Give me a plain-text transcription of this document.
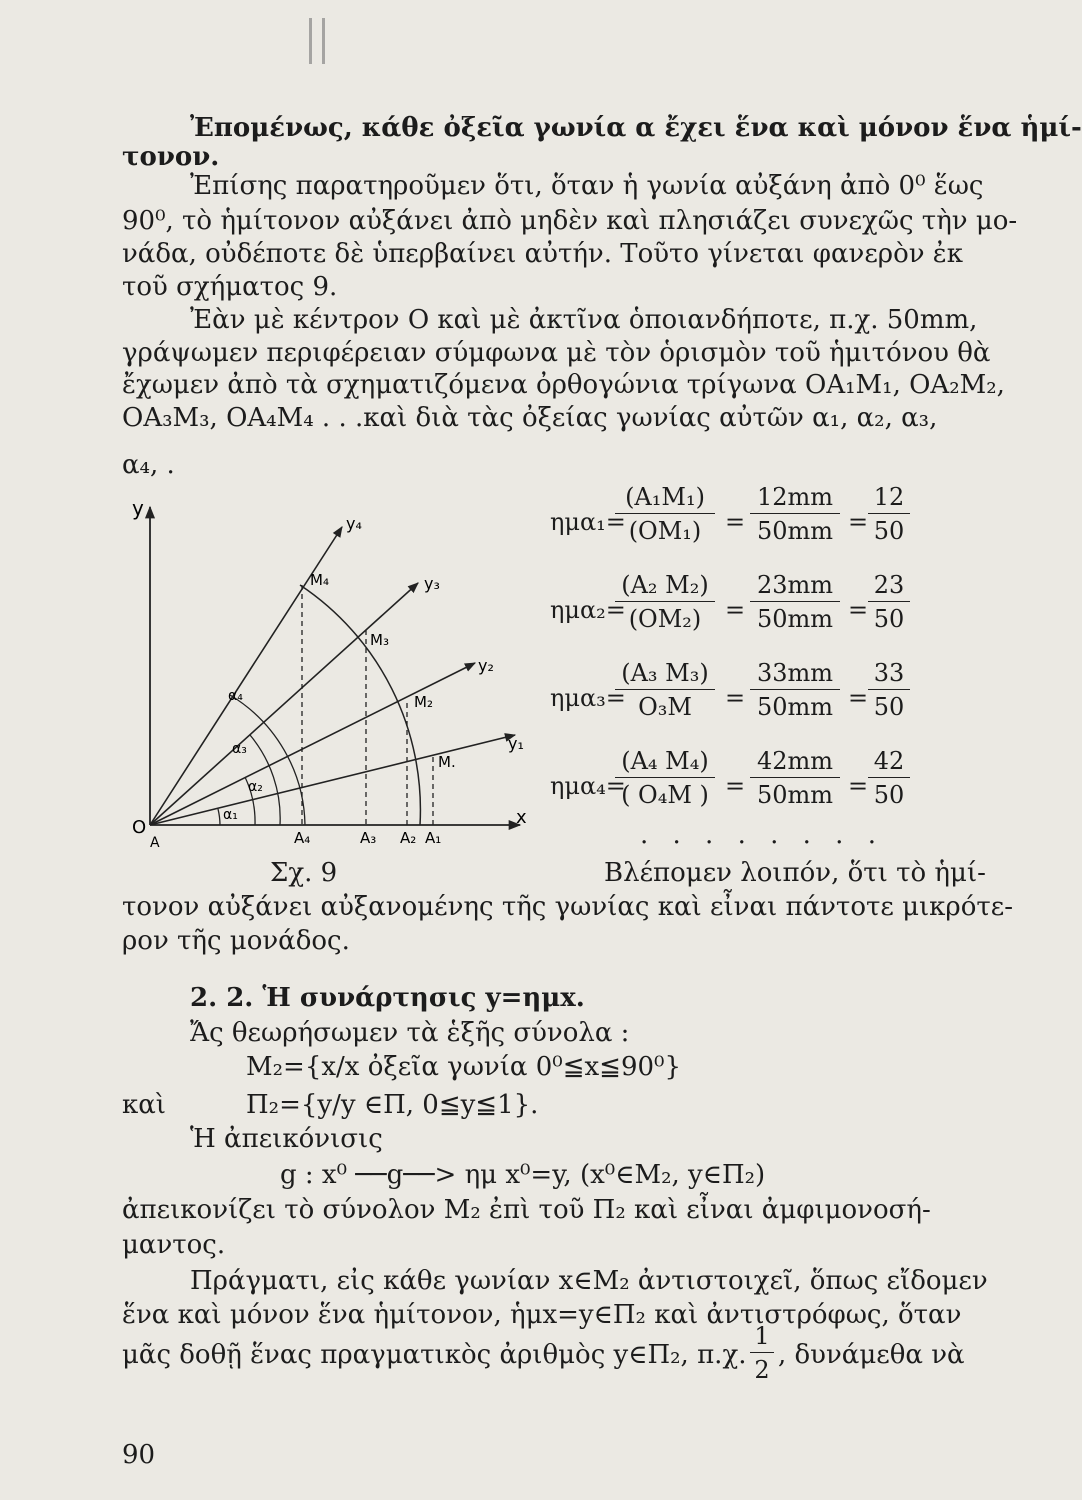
Ἐπομένως, κάθε ὀξεῖα γωνία α ἔχει ἕνα καὶ μόνον ἕνα ἡμί-
τονον.
Ἐπίσης παρατηροῦμεν ὅτι, ὅταν ἡ γωνία αὐξάνη ἀπὸ 0⁰ ἕως
90⁰, τὸ ἡμίτονον αὐξάνει ἀπὸ μηδὲν καὶ πλησιάζει συνεχῶς τὴν μο-
νάδα, οὐδέποτε δὲ ὑπερβαίνει αὐτήν. Τοῦτο γίνεται φανερὸν ἐκ
τοῦ σχήματος 9.
Ἐὰν μὲ κέντρον Ο καὶ μὲ ἀκτῖνα ὁποιανδήποτε, π.χ. 50mm,
γράψωμεν περιφέρειαν σύμφωνα μὲ τὸν ὁρισμὸν τοῦ ἡμιτόνου θὰ
ἔχωμεν ἀπὸ τὰ σχηματιζόμενα ὀρθογώνια τρίγωνα ΟΑ₁Μ₁, ΟΑ₂Μ₂,
ΟΑ₃Μ₃, ΟΑ₄Μ₄ . . .καὶ διὰ τὰς ὀξείας γωνίας αὐτῶν α₁, α₂, α₃,
α₄, .
y
x
O
A
y₁
y₂
y₃
y₄
M.
M₂
M₃
M₄
A₁
A₂
A₃
A₄
α₁
α₂
α₃
α₄
Σχ. 9
ημα₁=
$\frac{\text{(Α₁Μ₁)}}{\text{(ΟΜ₁)}} = \frac{12mm}{50mm} = \frac{12}{50}$
ημα₂=
$\frac{\text{(Α₂ Μ₂)}}{\text{(ΟΜ₂)}} = \frac{23mm}{50mm} = \frac{23}{50}$
ημα₃=
$\frac{\text{(Α₃ Μ₃)}}{\text{Ο₃Μ}} = \frac{33mm}{50mm} = \frac{33}{50}$
ημα₄=
$\frac{\text{(Α₄ Μ₄)}}{\text{( Ο₄Μ )}} = \frac{42mm}{50mm} = \frac{42}{50}$
. . . . . . . .
Βλέπομεν λοιπόν, ὅτι τὸ ἡμί-
τονον αὐξάνει αὐξανομένης τῆς γωνίας καὶ εἶναι πάντοτε μικρότε-
ρον τῆς μονάδος.
2. 2. Ἡ συνάρτησις y=ημx.
Ἄς θεωρήσωμεν τὰ ἑξῆς σύνολα :
Μ₂={x/x ὀξεῖα γωνία 0⁰≦x≦90⁰}
καὶ	Π₂={y/y ∈Π, 0≦y≦1}.
Ἡ ἀπεικόνισις
g : x⁰ ──g──> ημ x⁰=y, (x⁰∈Μ₂, y∈Π₂)
ἀπεικονίζει τὸ σύνολον Μ₂ ἐπὶ τοῦ Π₂ καὶ εἶναι ἀμφιμονοσή-
μαντος.
Πράγματι, εἰς κάθε γωνίαν x∈Μ₂ ἀντιστοιχεῖ, ὅπως εἴδομεν
ἕνα καὶ μόνον ἕνα ἡμίτονον, ἡμx=y∈Π₂ καὶ ἀντιστρόφως, ὅταν
μᾶς δοθῇ ἕνας πραγματικὸς ἀριθμὸς y∈Π₂, π.χ. $\frac{1}{2}$ , δυνάμεθα νὰ
90
